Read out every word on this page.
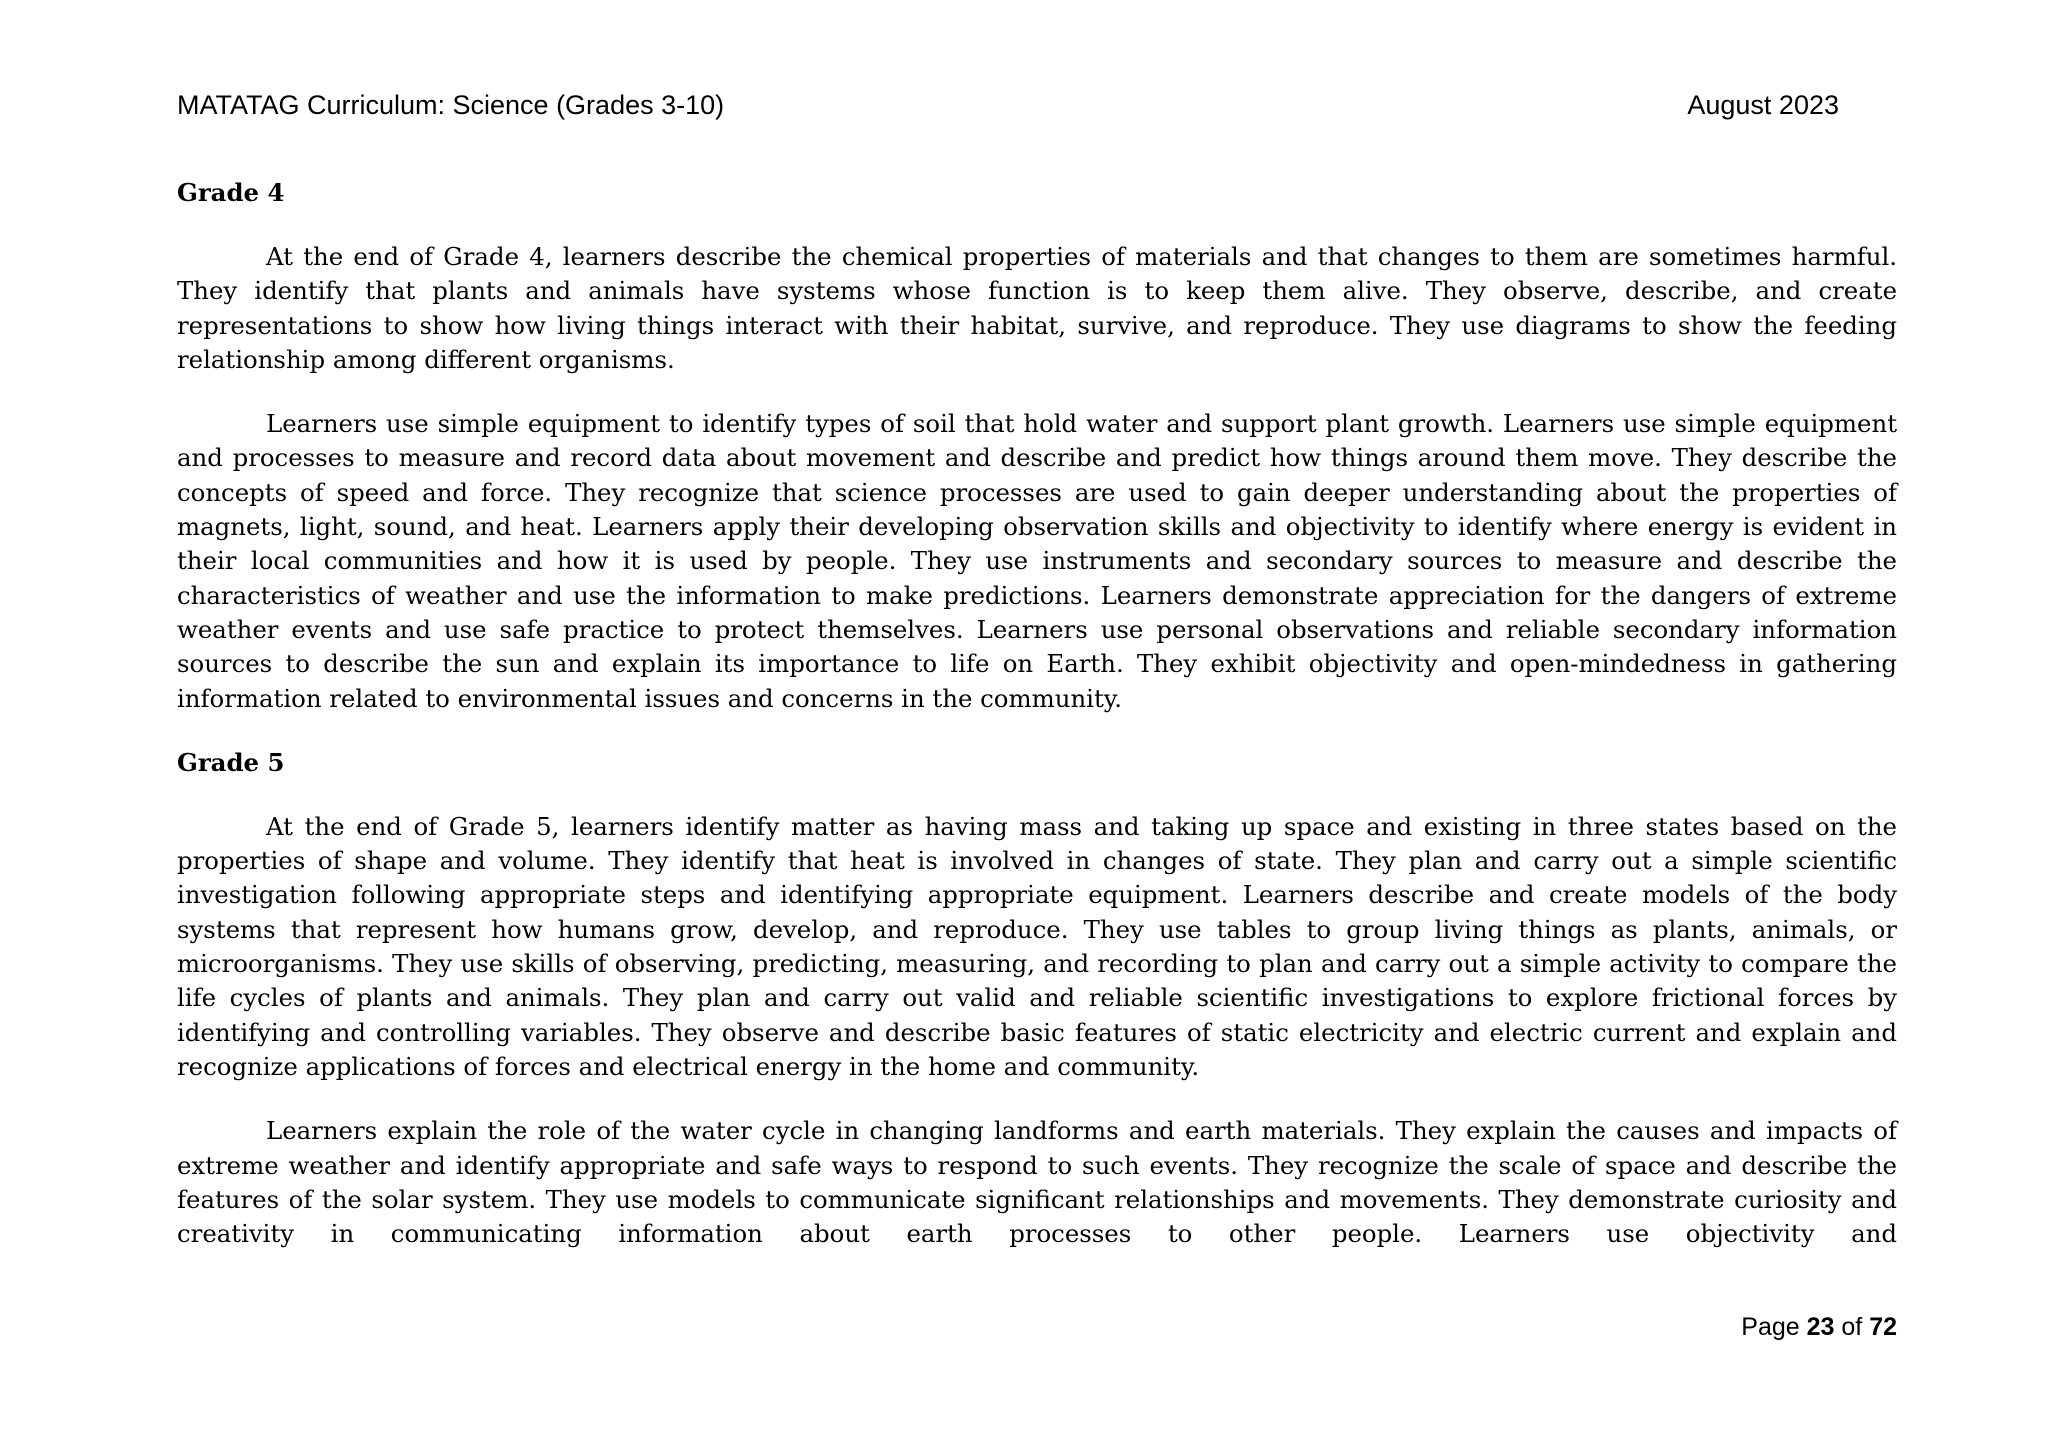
MATATAG Curriculum: Science (Grades 3-10)	August 2023
Grade 4

At the end of Grade 4, learners describe the chemical properties of materials and that changes to them are sometimes harmful. They identify that plants and animals have systems whose function is to keep them alive. They observe, describe, and create representations to show how living things interact with their habitat, survive, and reproduce. They use diagrams to show the feeding relationship among different organisms.

Learners use simple equipment to identify types of soil that hold water and support plant growth. Learners use simple equipment and processes to measure and record data about movement and describe and predict how things around them move. They describe the concepts of speed and force. They recognize that science processes are used to gain deeper understanding about the properties of magnets, light, sound, and heat. Learners apply their developing observation skills and objectivity to identify where energy is evident in their local communities and how it is used by people. They use instruments and secondary sources to measure and describe the characteristics of weather and use the information to make predictions. Learners demonstrate appreciation for the dangers of extreme weather events and use safe practice to protect themselves. Learners use personal observations and reliable secondary information sources to describe the sun and explain its importance to life on Earth. They exhibit objectivity and open-mindedness in gathering information related to environmental issues and concerns in the community.

Grade 5

At the end of Grade 5, learners identify matter as having mass and taking up space and existing in three states based on the properties of shape and volume. They identify that heat is involved in changes of state. They plan and carry out a simple scientific investigation following appropriate steps and identifying appropriate equipment. Learners describe and create models of the body systems that represent how humans grow, develop, and reproduce. They use tables to group living things as plants, animals, or microorganisms. They use skills of observing, predicting, measuring, and recording to plan and carry out a simple activity to compare the life cycles of plants and animals. They plan and carry out valid and reliable scientific investigations to explore frictional forces by identifying and controlling variables. They observe and describe basic features of static electricity and electric current and explain and recognize applications of forces and electrical energy in the home and community.

Learners explain the role of the water cycle in changing landforms and earth materials. They explain the causes and impacts of extreme weather and identify appropriate and safe ways to respond to such events. They recognize the scale of space and describe the features of the solar system. They use models to communicate significant relationships and movements. They demonstrate curiosity and creativity in communicating information about earth processes to other people. Learners use objectivity and

Page 23 of 72
